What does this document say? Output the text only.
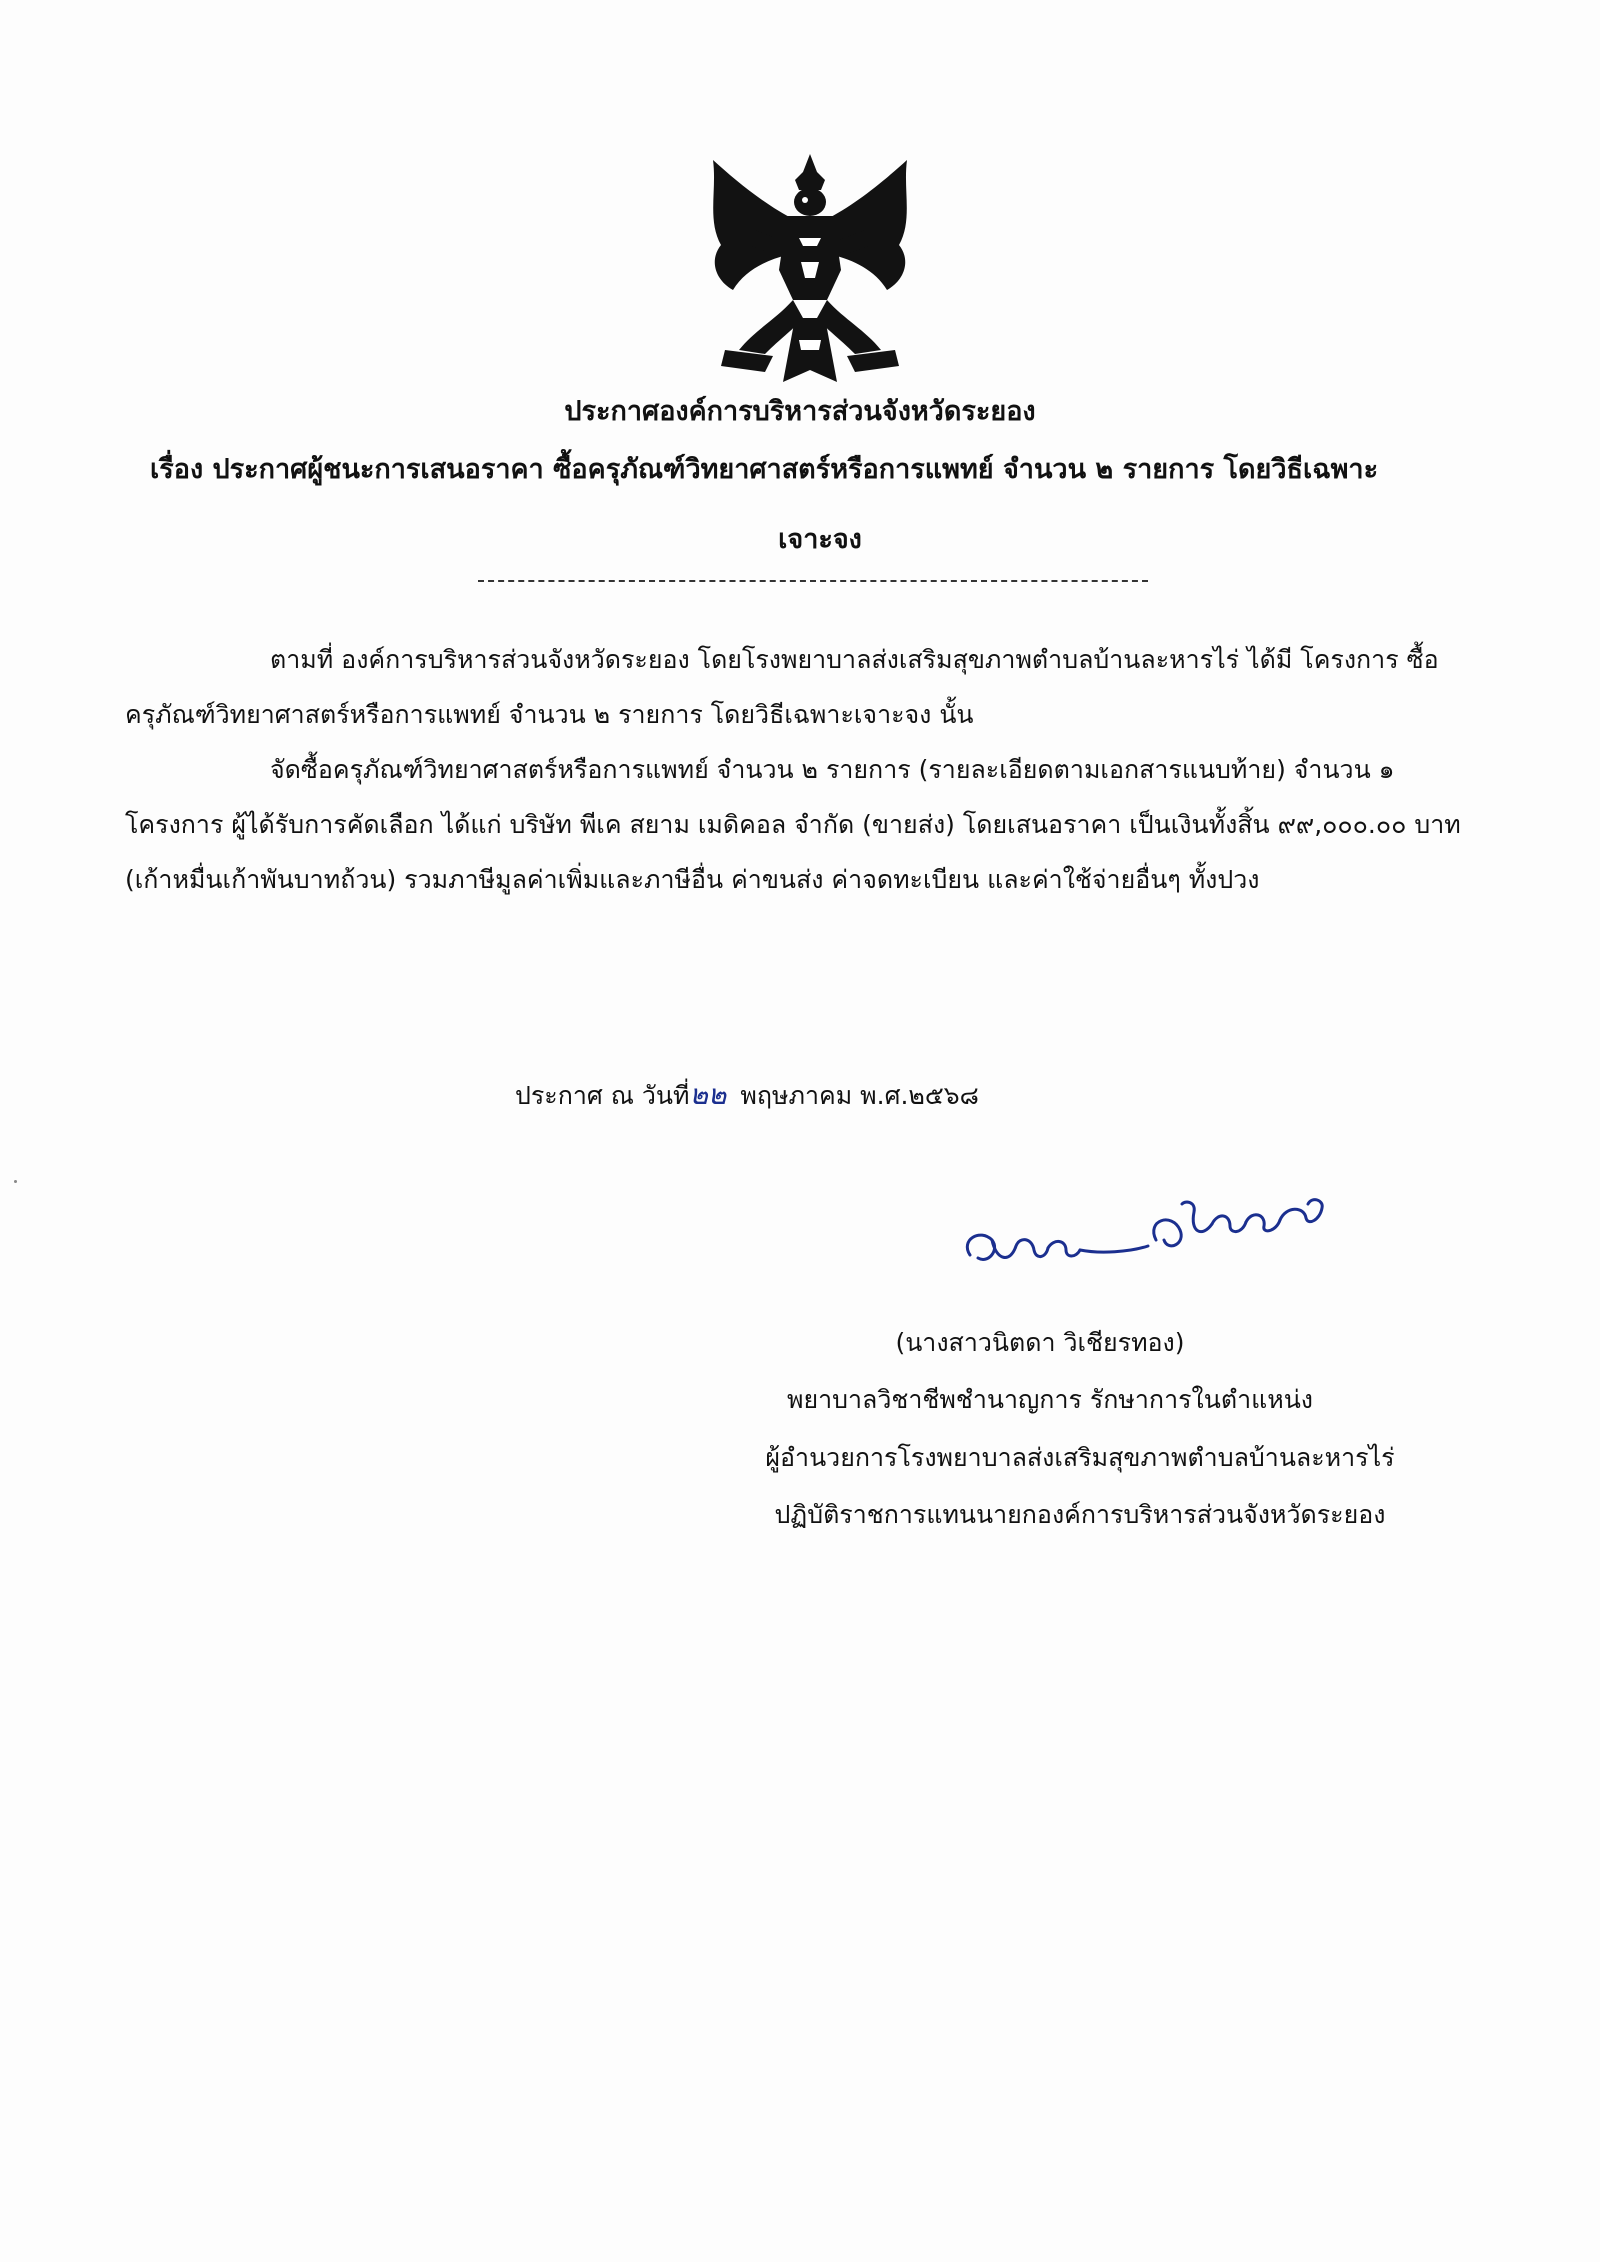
ประกาศองค์การบริหารส่วนจังหวัดระยอง
เรื่อง ประกาศผู้ชนะการเสนอราคา ซื้อครุภัณฑ์วิทยาศาสตร์หรือการแพทย์ จำนวน ๒ รายการ โดยวิธีเฉพาะ
เจาะจง
ตามที่ องค์การบริหารส่วนจังหวัดระยอง โดยโรงพยาบาลส่งเสริมสุขภาพตำบลบ้านละหารไร่ ได้มี โครงการ ซื้อครุภัณฑ์วิทยาศาสตร์หรือการแพทย์ จำนวน ๒ รายการ โดยวิธีเฉพาะเจาะจง นั้น
จัดซื้อครุภัณฑ์วิทยาศาสตร์หรือการแพทย์ จำนวน ๒ รายการ (รายละเอียดตามเอกสารแนบท้าย) จำนวน ๑ โครงการ ผู้ได้รับการคัดเลือก ได้แก่ บริษัท พีเค สยาม เมดิคอล จำกัด (ขายส่ง) โดยเสนอราคา เป็นเงินทั้งสิ้น ๙๙,๐๐๐.๐๐ บาท (เก้าหมื่นเก้าพันบาทถ้วน) รวมภาษีมูลค่าเพิ่มและภาษีอื่น ค่าขนส่ง ค่าจดทะเบียน และค่าใช้จ่ายอื่นๆ ทั้งปวง
ประกาศ ณ วันที่๒๒ พฤษภาคม พ.ศ.๒๕๖๘
(นางสาวนิตดา วิเชียรทอง)
พยาบาลวิชาชีพชำนาญการ รักษาการในตำแหน่ง
ผู้อำนวยการโรงพยาบาลส่งเสริมสุขภาพตำบลบ้านละหารไร่
ปฏิบัติราชการแทนนายกองค์การบริหารส่วนจังหวัดระยอง
